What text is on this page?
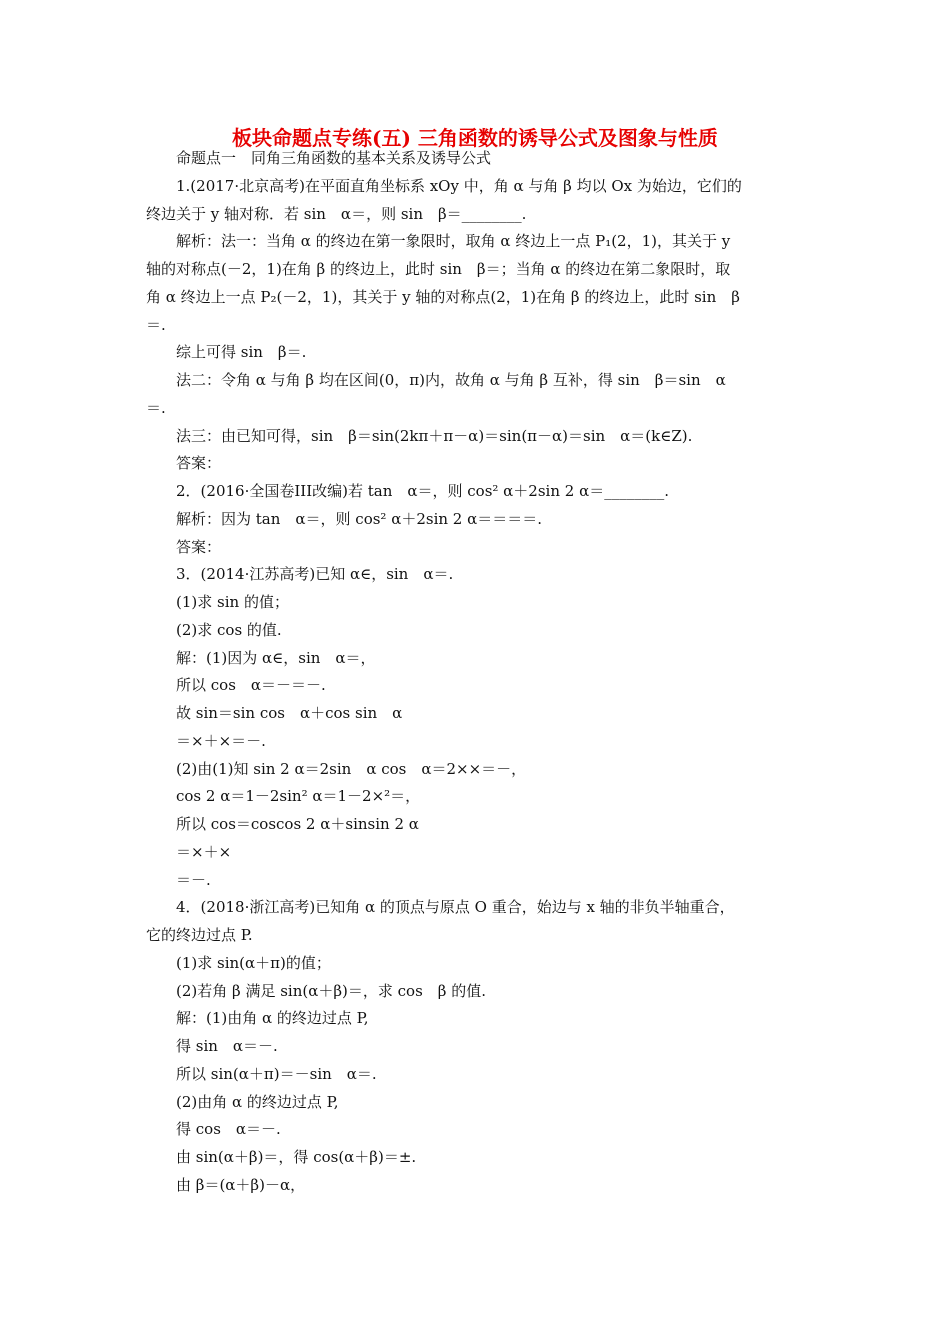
板块命题点专练(五) 三角函数的诱导公式及图象与性质
命题点一　同角三角函数的基本关系及诱导公式
1.(2017·北京高考)在平面直角坐标系 xOy 中，角 α 与角 β 均以 Ox 为始边，它们的
终边关于 y 轴对称．若 sin　α＝，则 sin　β＝________.
解析：法一：当角 α 的终边在第一象限时，取角 α 终边上一点 P₁(2，1)，其关于 y
轴的对称点(－2，1)在角 β 的终边上，此时 sin　β＝；当角 α 的终边在第二象限时，取
角 α 终边上一点 P₂(－2，1)，其关于 y 轴的对称点(2，1)在角 β 的终边上，此时 sin　β
＝.
综上可得 sin　β＝.
法二：令角 α 与角 β 均在区间(0，π)内，故角 α 与角 β 互补，得 sin　β＝sin　α
＝.
法三：由已知可得，sin　β＝sin(2kπ＋π－α)＝sin(π－α)＝sin　α＝(k∈Z).
答案：
2．(2016·全国卷III改编)若 tan　α＝，则 cos² α＋2sin 2 α＝________.
解析：因为 tan　α＝，则 cos² α＋2sin 2 α＝＝＝＝.
答案：
3．(2014·江苏高考)已知 α∈，sin　α＝.
(1)求 sin 的值；
(2)求 cos 的值.
解：(1)因为 α∈，sin　α＝，
所以 cos　α＝－＝－.
故 sin＝sin cos　α＋cos sin　α
＝×＋×＝－.
(2)由(1)知 sin 2 α＝2sin　α cos　α＝2××＝－，
cos 2 α＝1－2sin² α＝1－2×²＝，
所以 cos＝coscos 2 α＋sinsin 2 α
＝×＋×
＝－.
4．(2018·浙江高考)已知角 α 的顶点与原点 O 重合，始边与 x 轴的非负半轴重合，
它的终边过点 P.
(1)求 sin(α＋π)的值；
(2)若角 β 满足 sin(α＋β)＝，求 cos　β 的值.
解：(1)由角 α 的终边过点 P,
得 sin　α＝－.
所以 sin(α＋π)＝－sin　α＝.
(2)由角 α 的终边过点 P,
得 cos　α＝－.
由 sin(α＋β)＝，得 cos(α＋β)＝±.
由 β＝(α＋β)－α，
